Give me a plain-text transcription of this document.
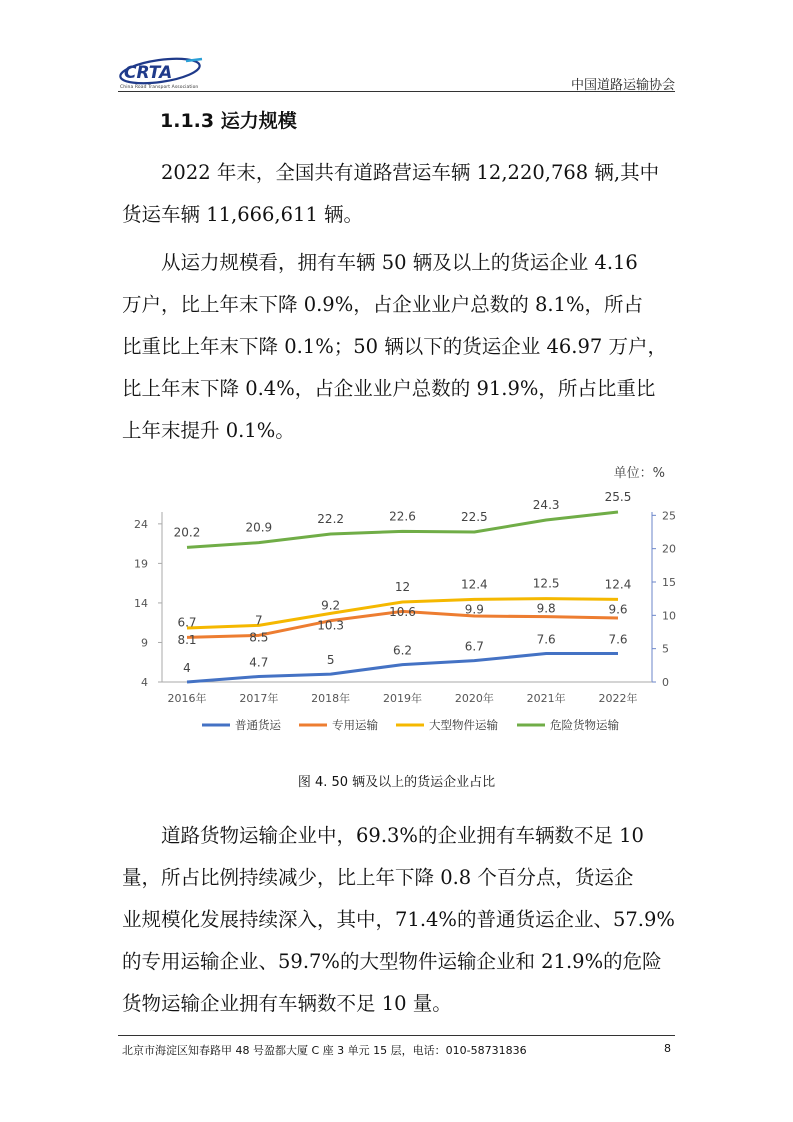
CRTA
China Road Transport Association	中国道路运输协会
1.1.3 运力规模
2022 年末，全国共有道路营运车辆 12,220,768 辆,其中
货运车辆 11,666,611 辆。
从运力规模看，拥有车辆 50 辆及以上的货运企业 4.16
万户，比上年末下降 0.9%，占企业业户总数的 8.1%，所占
比重比上年末下降 0.1%；50 辆以下的货运企业 46.97 万户，
比上年末下降 0.4%，占企业业户总数的 91.9%，所占比重比
上年末提升 0.1%。
单位：%
4
9
14
19
24
0
5
10
15
20
25
2016年	2017年	2018年	2019年	2020年	2021年	2022年
4	4.7	5
6.2	6.7
7.6	7.6
6.7	7
9.2	10.6	9.9	9.8	9.6
8.1	8.5
10.3
12	12.4	12.5	12.4
20.2	20.9
22.2	22.6	22.5
24.3
25.5
普通货运	专用运输	大型物件运输	危险货物运输
图 4. 50 辆及以上的货运企业占比
道路货物运输企业中，69.3%的企业拥有车辆数不足 10
量，所占比例持续减少，比上年下降 0.8 个百分点，货运企
业规模化发展持续深入，其中，71.4%的普通货运企业、57.9%
的专用运输企业、59.7%的大型物件运输企业和 21.9%的危险
货物运输企业拥有车辆数不足 10 量。
北京市海淀区知春路甲 48 号盈都大厦 C 座 3 单元 15 层，电话：010-58731836	8
